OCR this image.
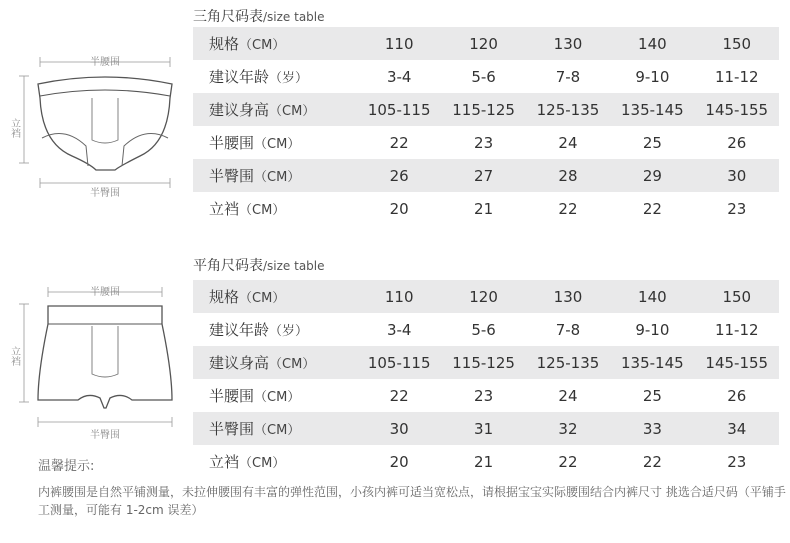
三角尺码表/size table
半腰围
立裆
半臀围
规格（CM）	110	120	130	140	150
建议年龄（岁）	3-4	5-6	7-8	9-10	11-12
建议身高（CM）	105-115	115-125	125-135	135-145	145-155
半腰围（CM）	22	23	24	25	26
半臀围（CM）	26	27	28	29	30
立裆（CM）	20	21	22	22	23
平角尺码表/size table
半腰围
立裆
半臀围
规格（CM）	110	120	130	140	150
建议年龄（岁）	3-4	5-6	7-8	9-10	11-12
建议身高（CM）	105-115	115-125	125-135	135-145	145-155
半腰围（CM）	22	23	24	25	26
半臀围（CM）	30	31	32	33	34
立裆（CM）	20	21	22	22	23
温馨提示:
内裤腰围是自然平铺测量，未拉伸腰围有丰富的弹性范围，小孩内裤可适当宽松点，请根据宝宝实际腰围结合内裤尺寸 挑选合适尺码（平铺手工测量，可能有 1-2cm 误差）
